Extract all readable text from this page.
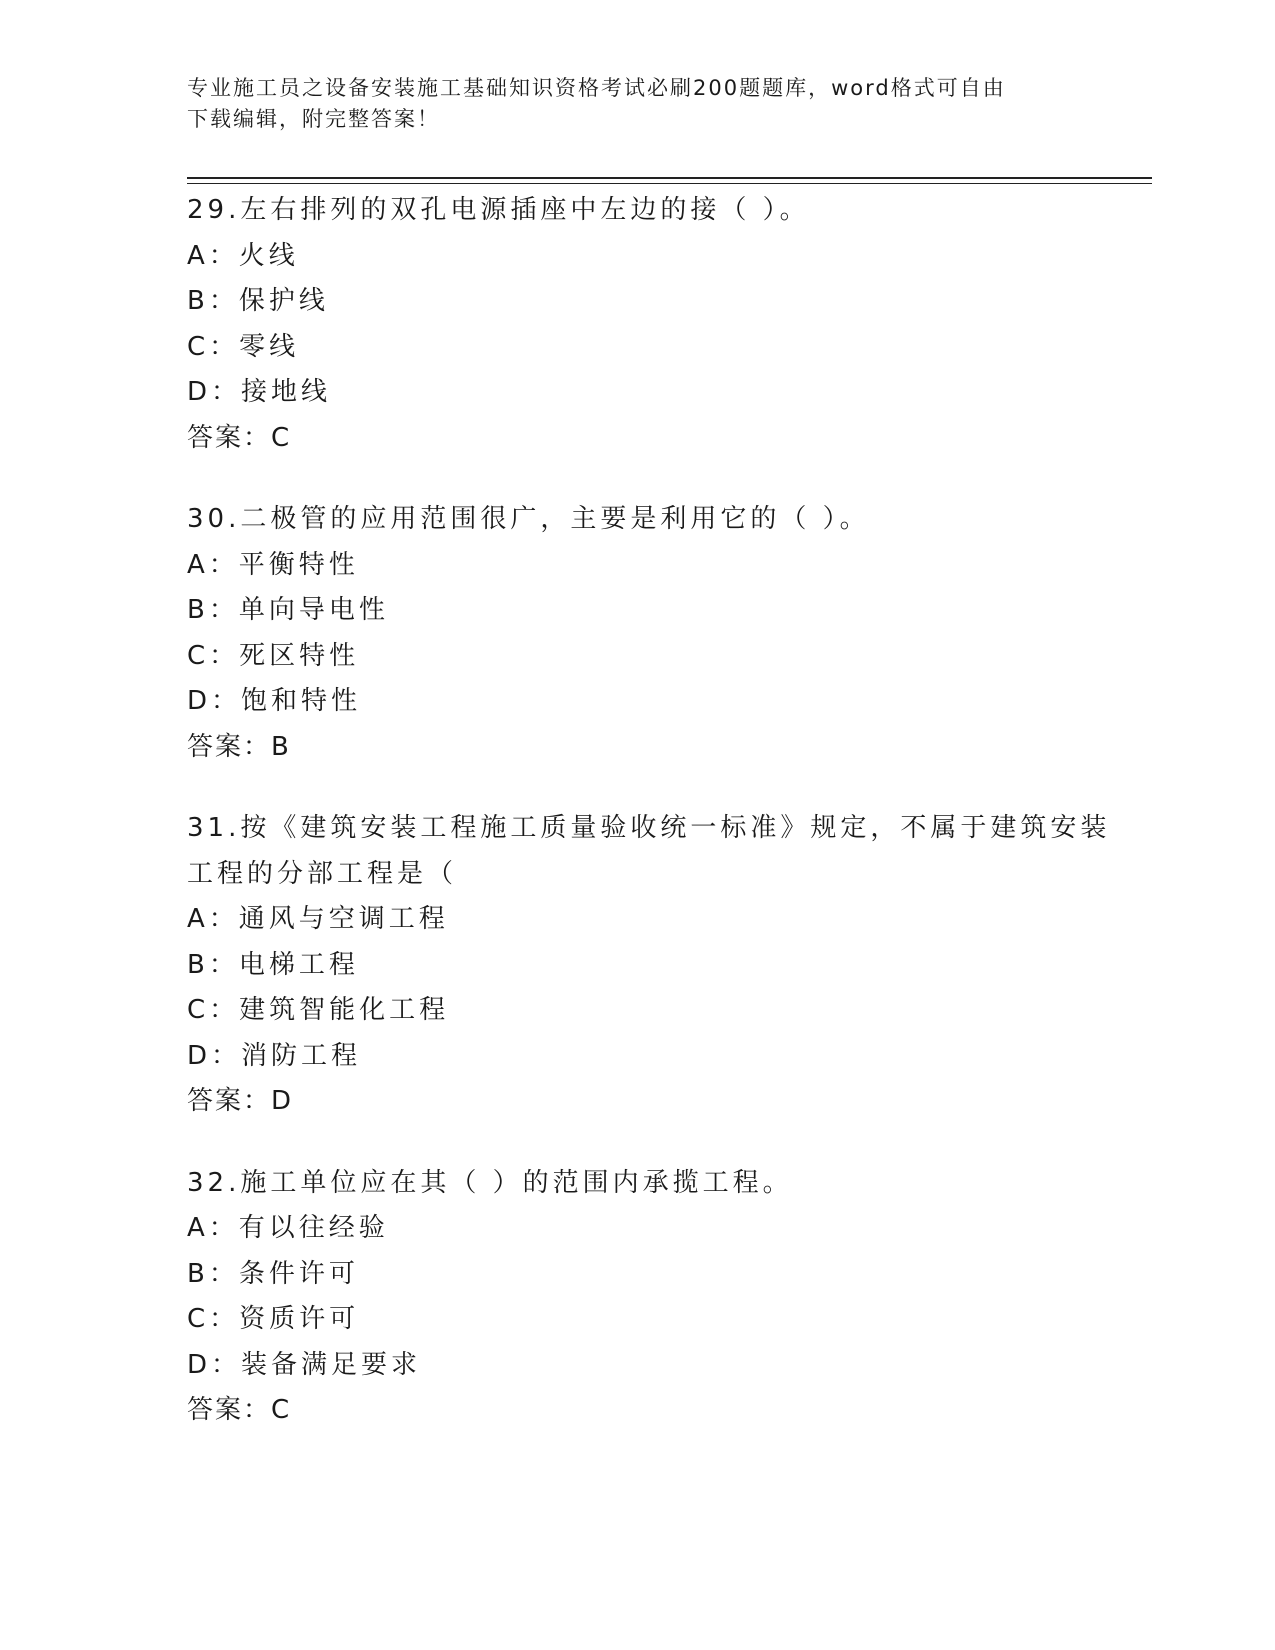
专业施工员之设备安装施工基础知识资格考试必刷200题题库，word格式可自由

下载编辑，附完整答案！

29.左右排列的双孔电源插座中左边的接（ ）。

A：火线

B：保护线

C：零线

D：接地线

答案：C

30.二极管的应用范围很广，主要是利用它的（ ）。

A：平衡特性

B：单向导电性

C：死区特性

D：饱和特性

答案：B

31.按《建筑安装工程施工质量验收统一标准》规定，不属于建筑安装

工程的分部工程是（

A：通风与空调工程

B：电梯工程

C：建筑智能化工程

D：消防工程

答案：D

32.施工单位应在其（ ）的范围内承揽工程。

A：有以往经验

B：条件许可

C：资质许可

D：装备满足要求

答案：C
